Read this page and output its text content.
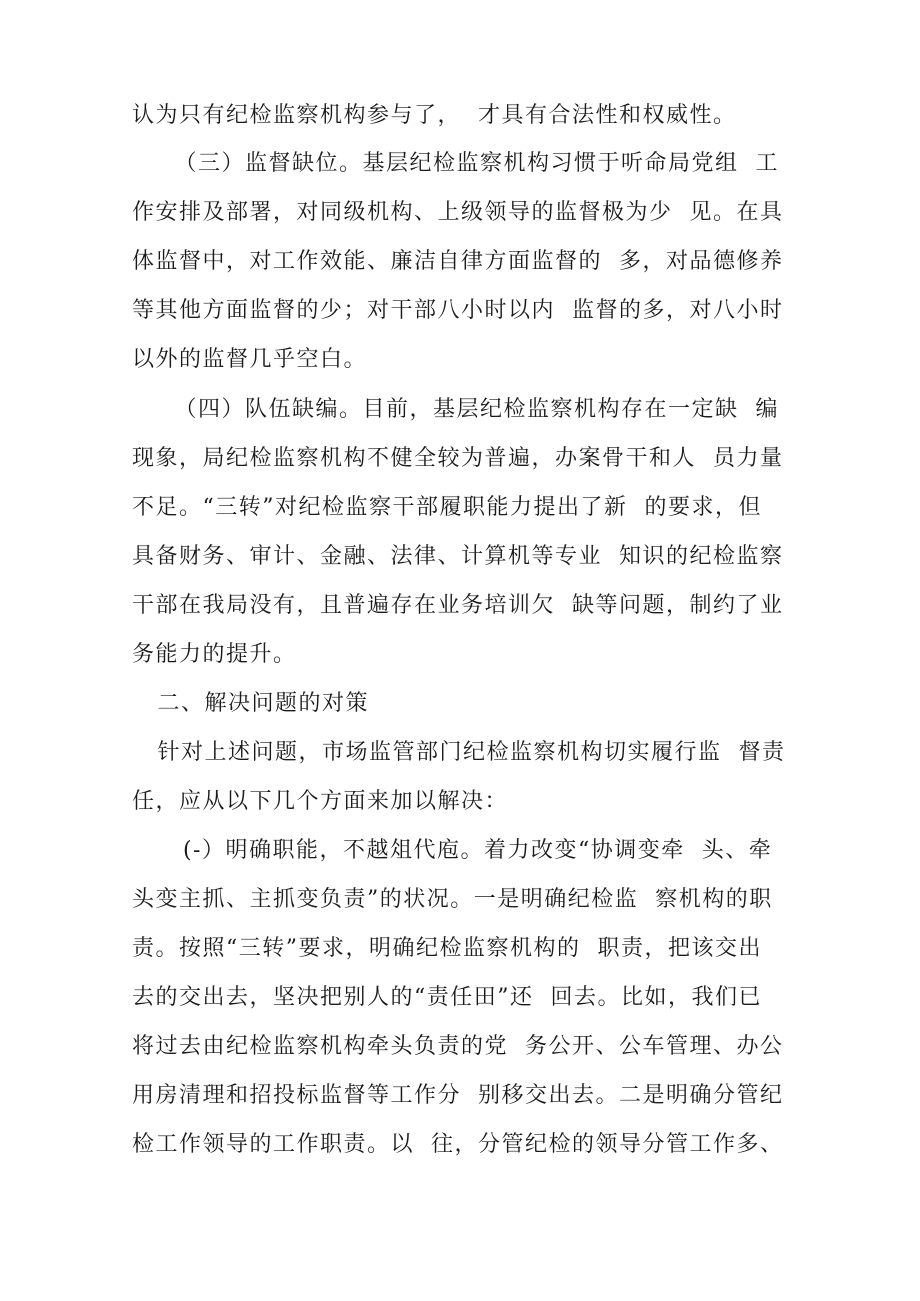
认为只有纪检监察机构参与了，  才具有合法性和权威性。
（三）监督缺位。基层纪检监察机构习惯于听命局党组  工
作安排及部署，对同级机构、上级领导的监督极为少  见。在具
体监督中，对工作效能、廉洁自律方面监督的  多，对品德修养
等其他方面监督的少；对干部八小时以内  监督的多，对八小时
以外的监督几乎空白。
（四）队伍缺编。目前，基层纪检监察机构存在一定缺  编
现象，局纪检监察机构不健全较为普遍，办案骨干和人  员力量
不足。“三转”对纪检监察干部履职能力提出了新  的要求，但
具备财务、审计、金融、法律、计算机等专业  知识的纪检监察
干部在我局没有，且普遍存在业务培训欠  缺等问题，制约了业
务能力的提升。
二、解决问题的对策
针对上述问题，市场监管部门纪检监察机构切实履行监  督责
任，应从以下几个方面来加以解决：
(-）明确职能，不越俎代庖。着力改变“协调变牵  头、牵
头变主抓、主抓变负责”的状况。一是明确纪检监  察机构的职
责。按照“三转”要求，明确纪检监察机构的  职责，把该交出
去的交出去，坚决把别人的“责任田”还  回去。比如，我们已
将过去由纪检监察机构牵头负责的党  务公开、公车管理、办公
用房清理和招投标监督等工作分  别移交出去。二是明确分管纪
检工作领导的工作职责。以  往，分管纪检的领导分管工作多、
